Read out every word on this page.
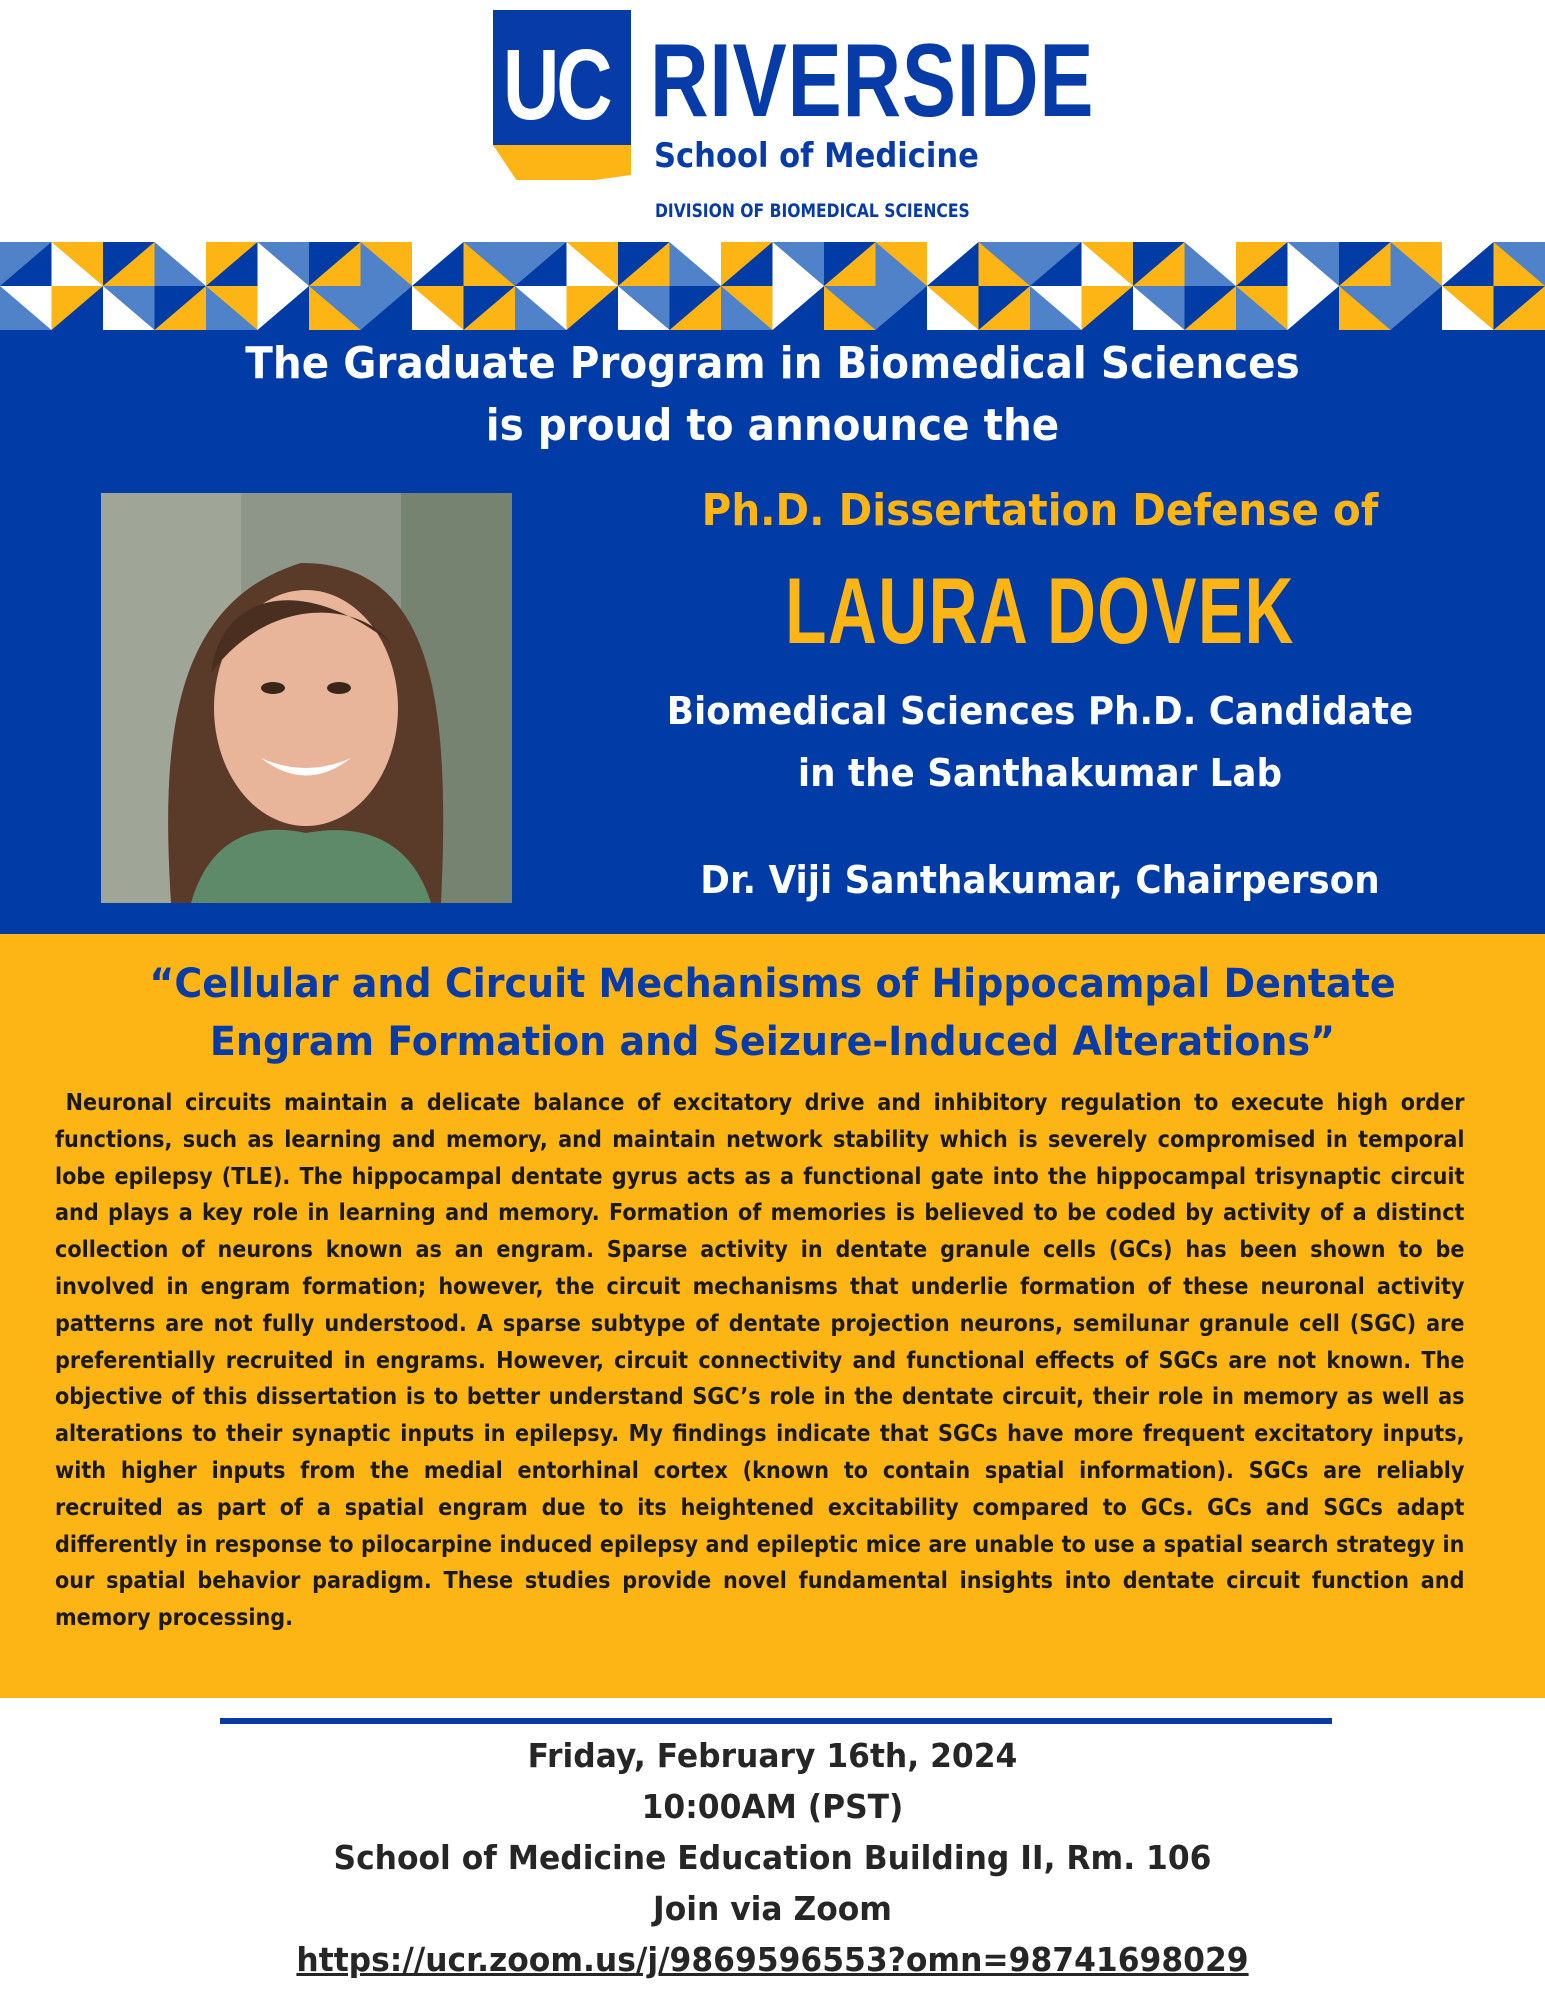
UC RIVERSIDE
School of Medicine
DIVISION OF BIOMEDICAL SCIENCES
The Graduate Program in Biomedical Sciences
is proud to announce the
Ph.D. Dissertation Defense of
LAURA DOVEK
Biomedical Sciences Ph.D. Candidate
in the Santhakumar Lab
Dr. Viji Santhakumar, Chairperson
“Cellular and Circuit Mechanisms of Hippocampal Dentate
Engram Formation and Seizure-Induced Alterations”
Neuronal circuits maintain a delicate balance of excitatory drive and inhibitory regulation to execute high order functions, such as learning and memory, and maintain network stability which is severely compromised in temporal lobe epilepsy (TLE). The hippocampal dentate gyrus acts as a functional gate into the hippocampal trisynaptic circuit and plays a key role in learning and memory. Formation of memories is believed to be coded by activity of a distinct collection of neurons known as an engram. Sparse activity in dentate granule cells (GCs) has been shown to be involved in engram formation; however, the circuit mechanisms that underlie formation of these neuronal activity patterns are not fully understood. A sparse subtype of dentate projection neurons, semilunar granule cell (SGC) are preferentially recruited in engrams. However, circuit connectivity and functional effects of SGCs are not known. The objective of this dissertation is to better understand SGC’s role in the dentate circuit, their role in memory as well as alterations to their synaptic inputs in epilepsy. My findings indicate that SGCs have more frequent excitatory inputs, with higher inputs from the medial entorhinal cortex (known to contain spatial information). SGCs are reliably recruited as part of a spatial engram due to its heightened excitability compared to GCs. GCs and SGCs adapt differently in response to pilocarpine induced epilepsy and epileptic mice are unable to use a spatial search strategy in our spatial behavior paradigm. These studies provide novel fundamental insights into dentate circuit function and memory processing.
Friday, February 16th, 2024
10:00AM (PST)
School of Medicine Education Building II, Rm. 106
Join via Zoom
https://ucr.zoom.us/j/9869596553?omn=98741698029
